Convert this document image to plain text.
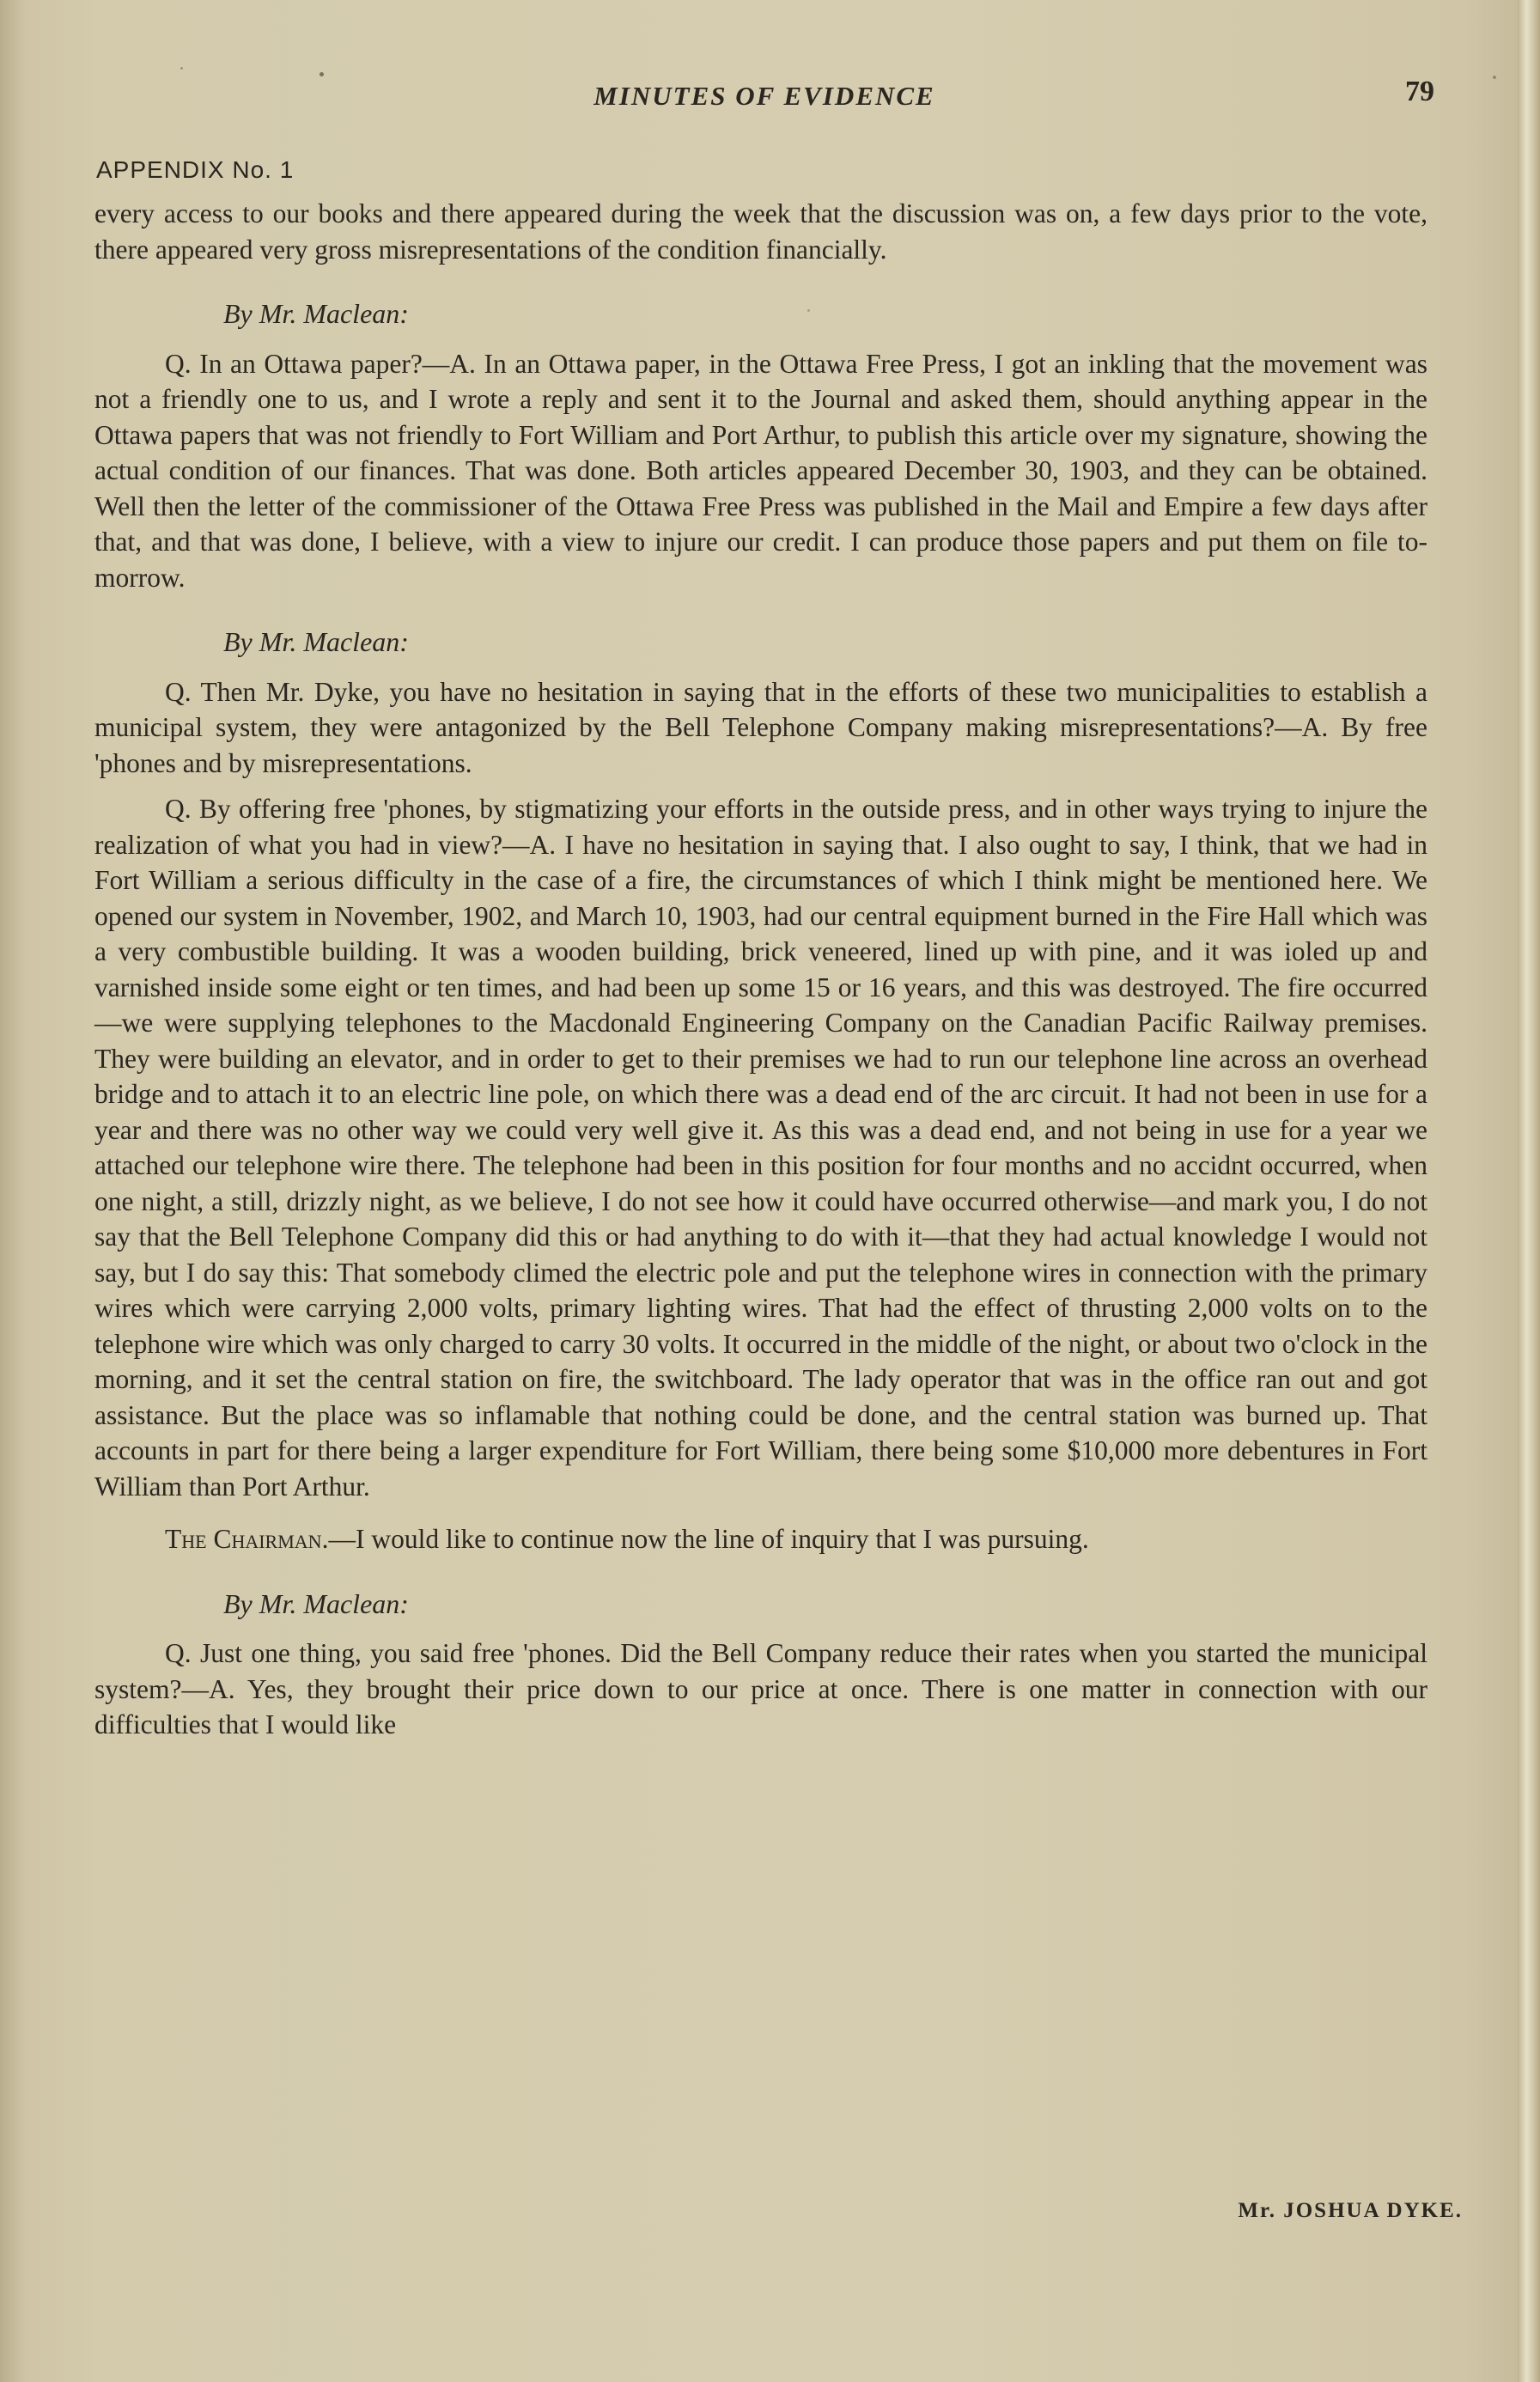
MINUTES OF EVIDENCE	79
APPENDIX No. 1

every access to our books and there appeared during the week that the discussion was on, a few days prior to the vote, there appeared very gross misrepresentations of the condition financially.

By Mr. Maclean:

Q. In an Ottawa paper?—A. In an Ottawa paper, in the Ottawa Free Press, I got an inkling that the movement was not a friendly one to us, and I wrote a reply and sent it to the Journal and asked them, should anything appear in the Ottawa papers that was not friendly to Fort William and Port Arthur, to publish this article over my signature, showing the actual condition of our finances. That was done. Both articles appeared December 30, 1903, and they can be obtained. Well then the letter of the commissioner of the Ottawa Free Press was published in the Mail and Empire a few days after that, and that was done, I believe, with a view to injure our credit. I can produce those papers and put them on file to-morrow.

By Mr. Maclean:

Q. Then Mr. Dyke, you have no hesitation in saying that in the efforts of these two municipalities to establish a municipal system, they were antagonized by the Bell Telephone Company making misrepresentations?—A. By free 'phones and by misrepresentations.

Q. By offering free 'phones, by stigmatizing your efforts in the outside press, and in other ways trying to injure the realization of what you had in view?—A. I have no hesitation in saying that. I also ought to say, I think, that we had in Fort William a serious difficulty in the case of a fire, the circumstances of which I think might be mentioned here. We opened our system in November, 1902, and March 10, 1903, had our central equipment burned in the Fire Hall which was a very combustible building. It was a wooden building, brick veneered, lined up with pine, and it was ioled up and varnished inside some eight or ten times, and had been up some 15 or 16 years, and this was destroyed. The fire occurred—we were supplying telephones to the Macdonald Engineering Company on the Canadian Pacific Railway premises. They were building an elevator, and in order to get to their premises we had to run our telephone line across an overhead bridge and to attach it to an electric line pole, on which there was a dead end of the arc circuit. It had not been in use for a year and there was no other way we could very well give it. As this was a dead end, and not being in use for a year we attached our telephone wire there. The telephone had been in this position for four months and no accidnt occurred, when one night, a still, drizzly night, as we believe, I do not see how it could have occurred otherwise—and mark you, I do not say that the Bell Telephone Company did this or had anything to do with it—that they had actual knowledge I would not say, but I do say this: That somebody climed the electric pole and put the telephone wires in connection with the primary wires which were carrying 2,000 volts, primary lighting wires. That had the effect of thrusting 2,000 volts on to the telephone wire which was only charged to carry 30 volts. It occurred in the middle of the night, or about two o'clock in the morning, and it set the central station on fire, the switchboard. The lady operator that was in the office ran out and got assistance. But the place was so inflamable that nothing could be done, and the central station was burned up. That accounts in part for there being a larger expenditure for Fort William, there being some $10,000 more debentures in Fort William than Port Arthur.

The Chairman.—I would like to continue now the line of inquiry that I was pursuing.

By Mr. Maclean:

Q. Just one thing, you said free 'phones. Did the Bell Company reduce their rates when you started the municipal system?—A. Yes, they brought their price down to our price at once. There is one matter in connection with our difficulties that I would like

Mr. JOSHUA DYKE.
